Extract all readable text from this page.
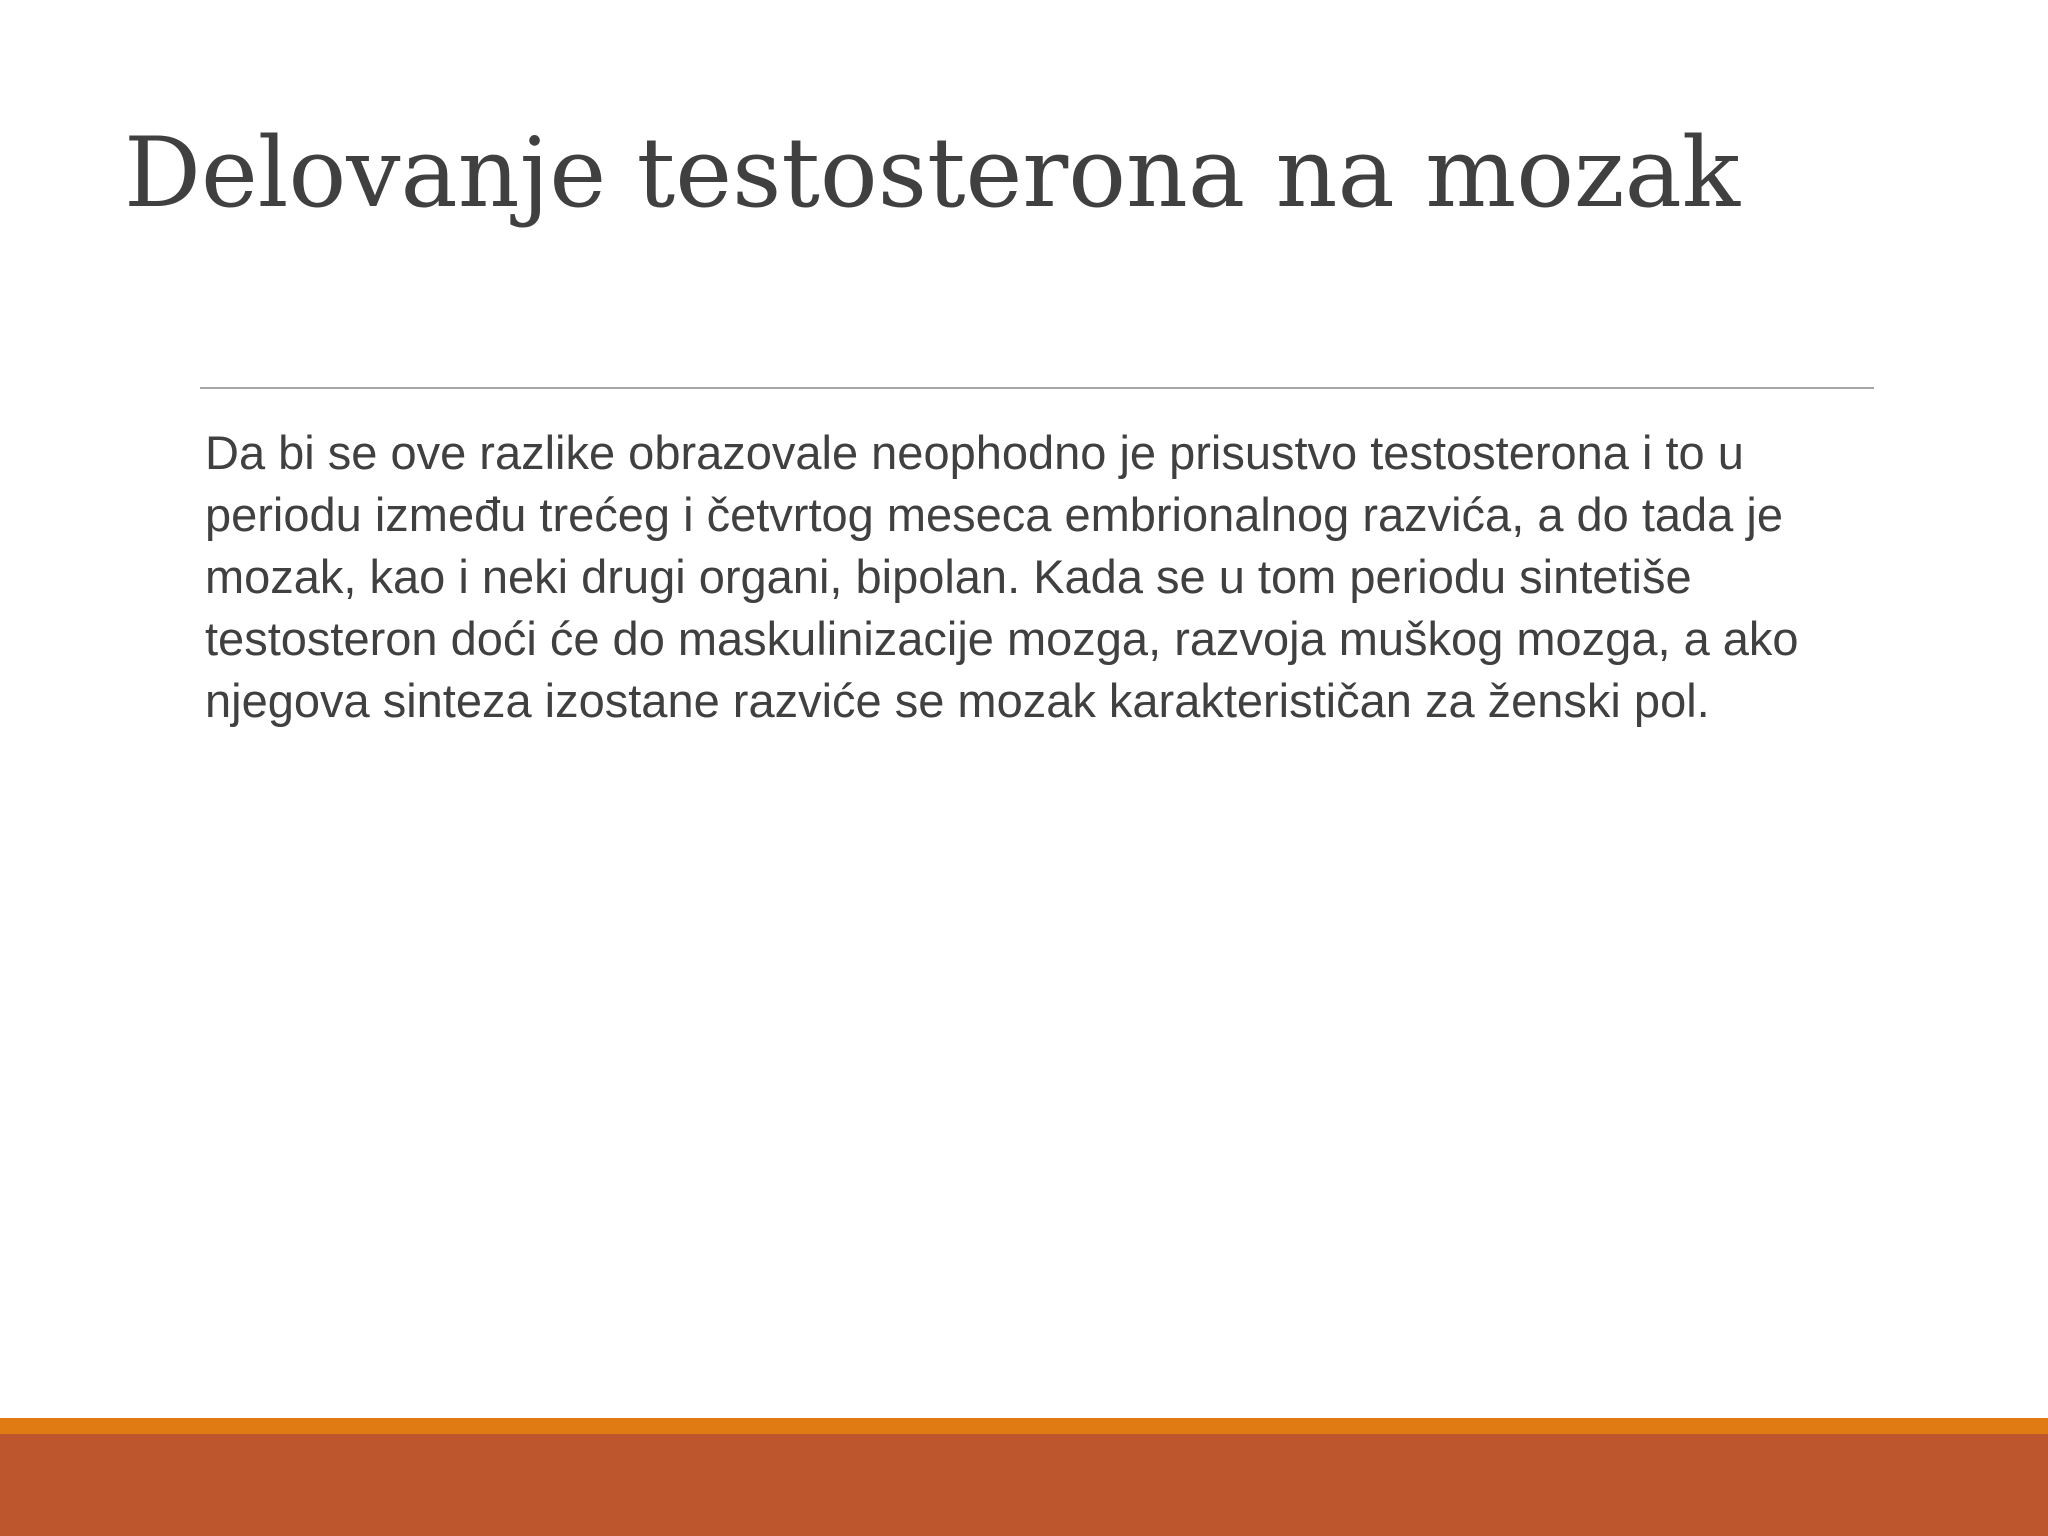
Delovanje testosterona na mozak

Da bi se ove razlike obrazovale neophodno je prisustvo testosterona i to u periodu između trećeg i četvrtog meseca embrionalnog razvića, a do tada je mozak, kao i neki drugi organi, bipolan. Kada se u tom periodu sintetiše testosteron doći će do maskulinizacije mozga, razvoja muškog mozga, a ako njegova sinteza izostane razviće se mozak karakterističan za ženski pol.
